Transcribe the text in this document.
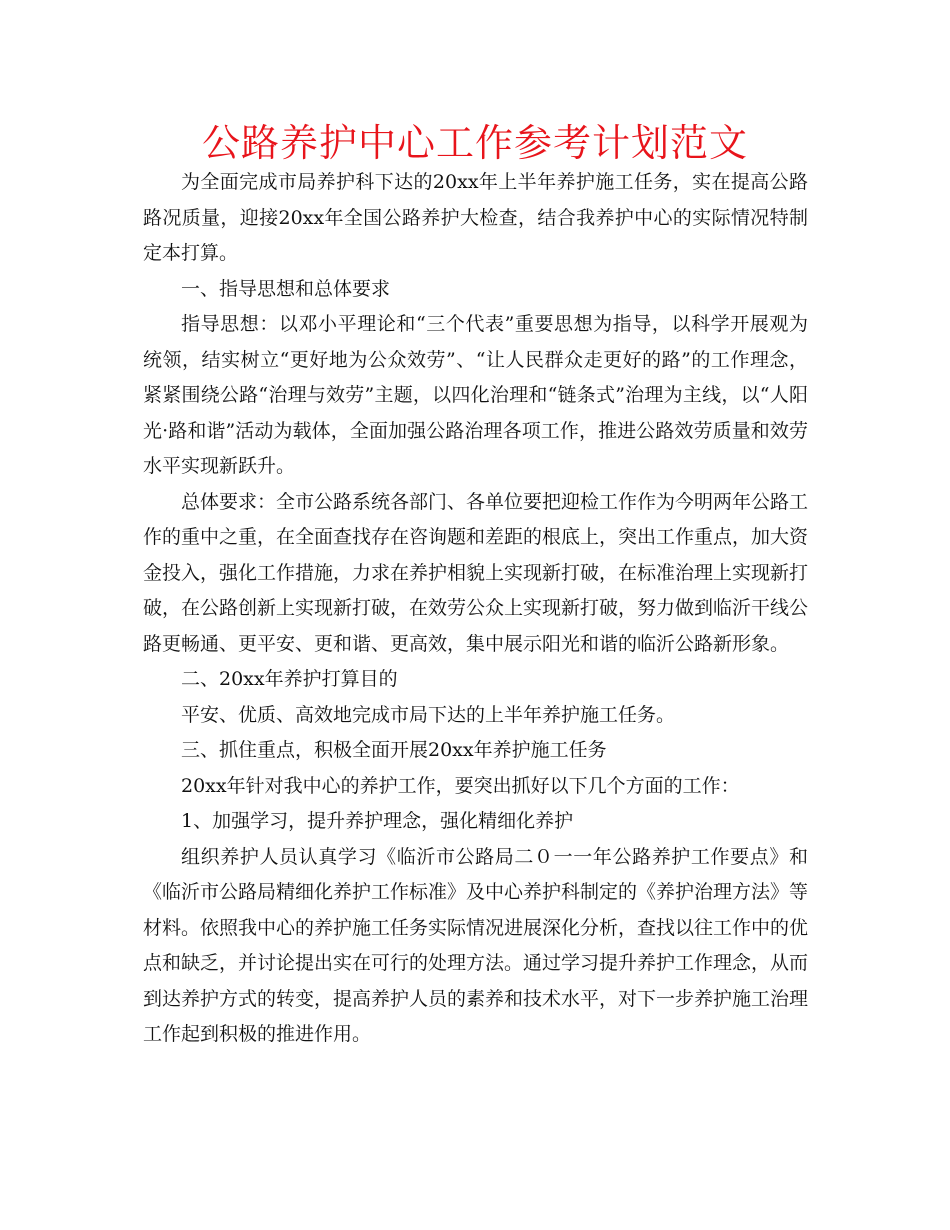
公路养护中心工作参考计划范文

为全面完成市局养护科下达的20xx年上半年养护施工任务，实在提高公路路况质量，迎接20xx年全国公路养护大检查，结合我养护中心的实际情况特制定本打算。

一、指导思想和总体要求

指导思想：以邓小平理论和“三个代表”重要思想为指导，以科学开展观为统领，结实树立“更好地为公众效劳”、“让人民群众走更好的路”的工作理念，紧紧围绕公路“治理与效劳”主题，以四化治理和“链条式”治理为主线，以“人阳光·路和谐”活动为载体，全面加强公路治理各项工作，推进公路效劳质量和效劳水平实现新跃升。

总体要求：全市公路系统各部门、各单位要把迎检工作作为今明两年公路工作的重中之重，在全面查找存在咨询题和差距的根底上，突出工作重点，加大资金投入，强化工作措施，力求在养护相貌上实现新打破，在标准治理上实现新打破，在公路创新上实现新打破，在效劳公众上实现新打破，努力做到临沂干线公路更畅通、更平安、更和谐、更高效，集中展示阳光和谐的临沂公路新形象。

二、20xx年养护打算目的

平安、优质、高效地完成市局下达的上半年养护施工任务。

三、抓住重点，积极全面开展20xx年养护施工任务

20xx年针对我中心的养护工作，要突出抓好以下几个方面的工作：

1、加强学习，提升养护理念，强化精细化养护

组织养护人员认真学习《临沂市公路局二０一一年公路养护工作要点》和《临沂市公路局精细化养护工作标准》及中心养护科制定的《养护治理方法》等材料。依照我中心的养护施工任务实际情况进展深化分析，查找以往工作中的优点和缺乏，并讨论提出实在可行的处理方法。通过学习提升养护工作理念，从而到达养护方式的转变，提高养护人员的素养和技术水平，对下一步养护施工治理工作起到积极的推进作用。
